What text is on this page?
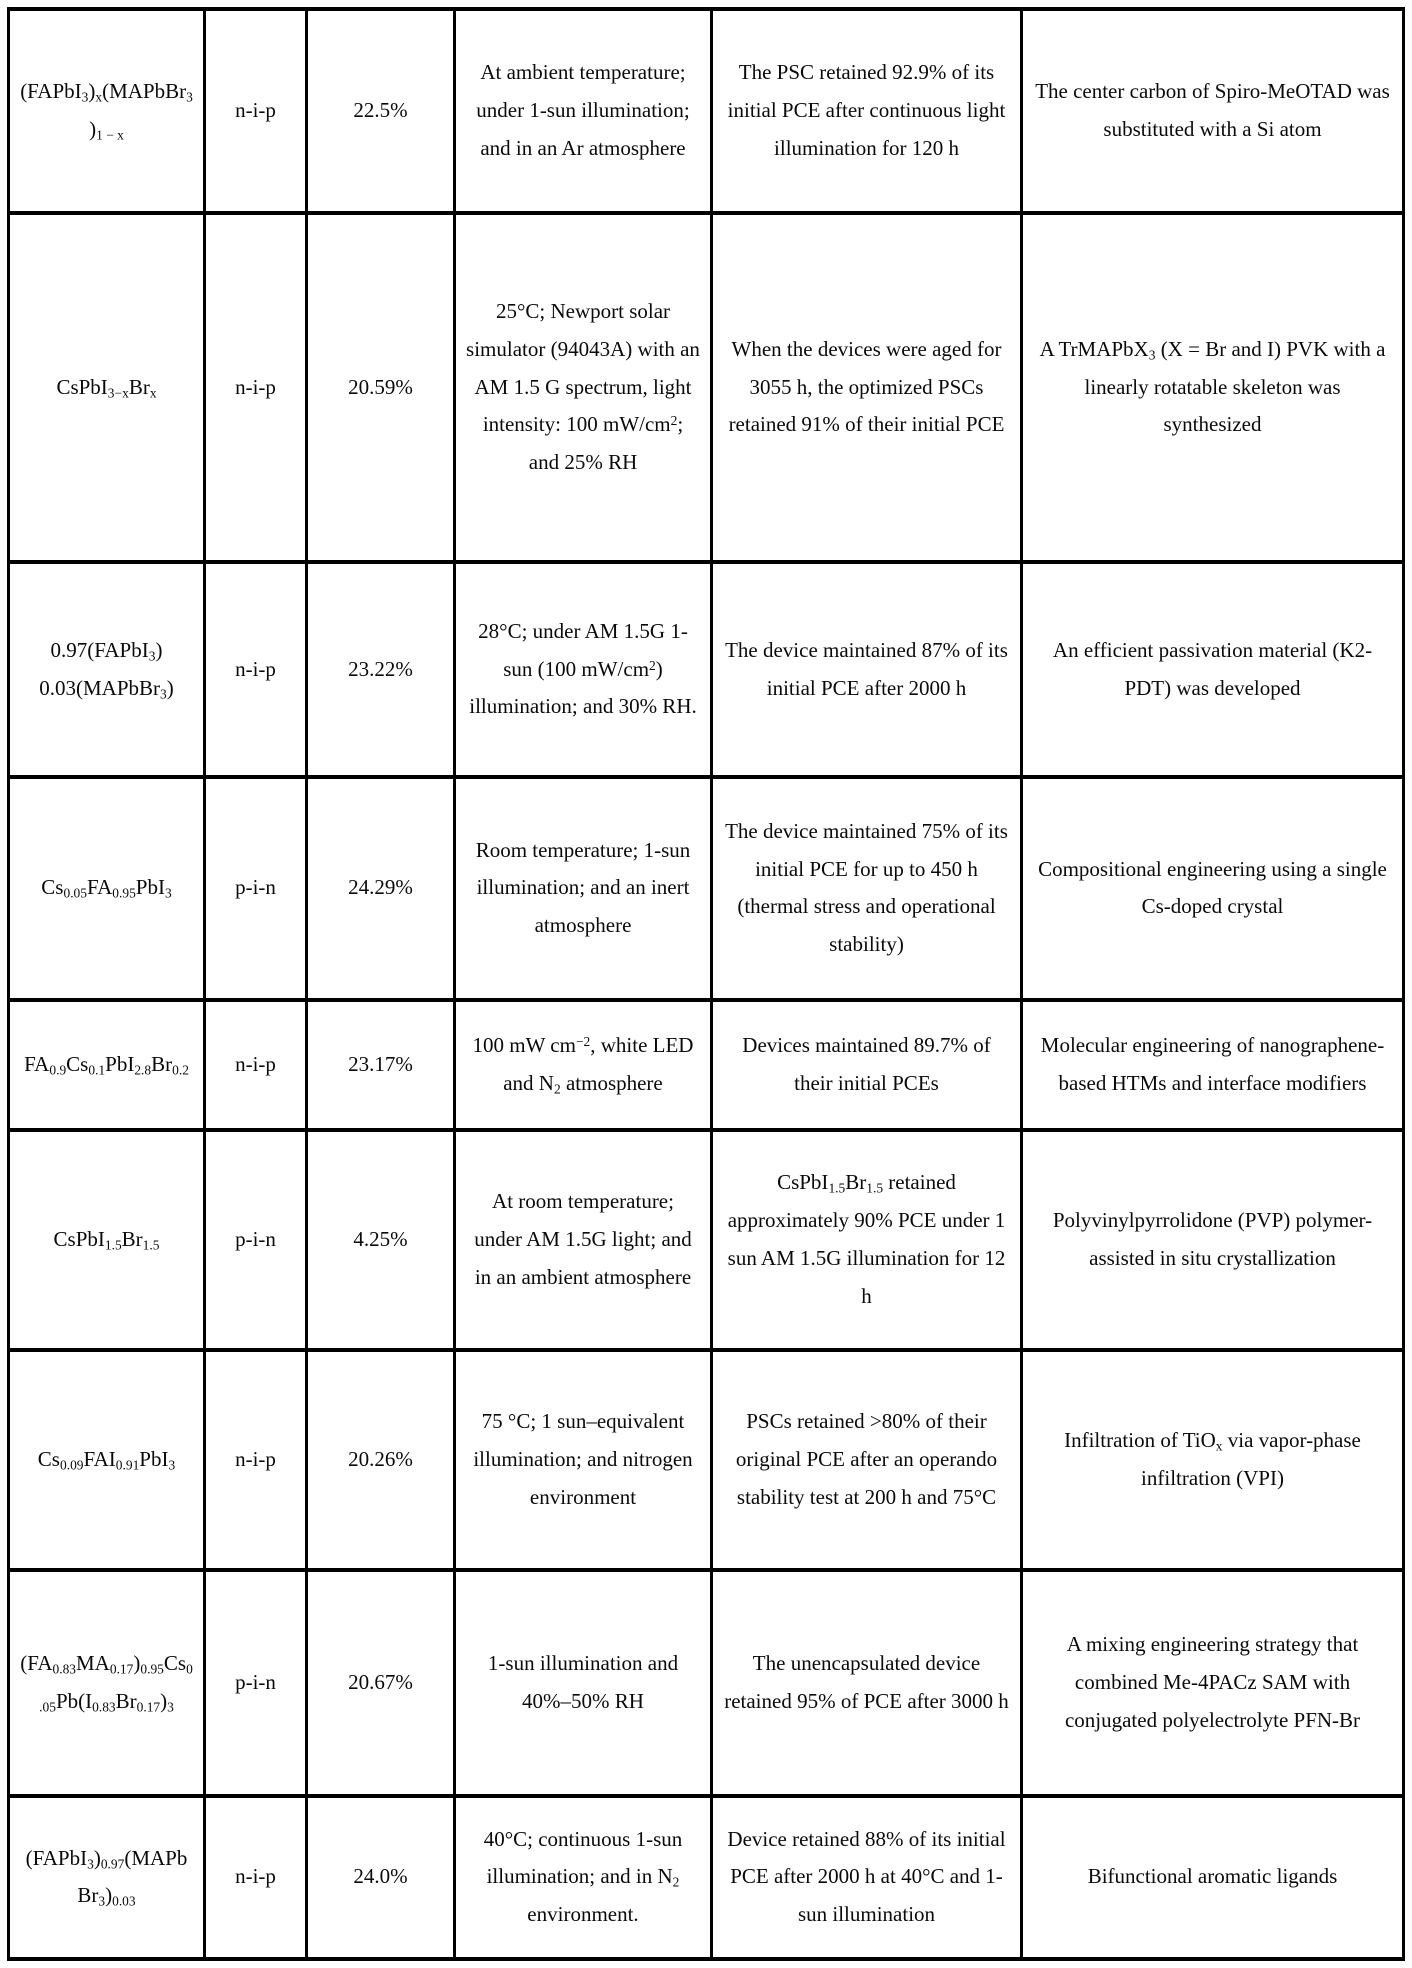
$(FAPbI_3)_x(MAPbBr_3)_{1 - x}$	n-i-p	22.5%	At ambient temperature; under 1-sun illumination; and in an Ar atmosphere	The PSC retained 92.9% of its initial PCE after continuous light illumination for 120 h	The center carbon of Spiro-MeOTAD was substituted with a Si atom
$CsPbI_{3-x}Br_x$	n-i-p	20.59%	25°C; Newport solar simulator (94043A) with an AM 1.5 G spectrum, light intensity: 100 $mW/cm^2$; and 25% RH	When the devices were aged for 3055 h, the optimized PSCs retained 91% of their initial PCE	A TrMAPbX$_3$ (X = Br and I) PVK with a linearly rotatable skeleton was synthesized
0.97(FAPbI$_3$) 0.03(MAPbBr$_3$)	n-i-p	23.22%	28°C; under AM 1.5G 1-sun (100 $mW/cm^2$) illumination; and 30% RH.	The device maintained 87% of its initial PCE after 2000 h	An efficient passivation material (K2-PDT) was developed
$Cs_{0.05}FA_{0.95}PbI_3$	p-i-n	24.29%	Room temperature; 1-sun illumination; and an inert atmosphere	The device maintained 75% of its initial PCE for up to 450 h (thermal stress and operational stability)	Compositional engineering using a single Cs-doped crystal
$FA_{0.9}Cs_{0.1}PbI_{2.8}Br_{0.2}$	n-i-p	23.17%	100 mW $cm^{-2}$, white LED and $N_2$ atmosphere	Devices maintained 89.7% of their initial PCEs	Molecular engineering of nanographene-based HTMs and interface modifiers
$CsPbI_{1.5}Br_{1.5}$	p-i-n	4.25%	At room temperature; under AM 1.5G light; and in an ambient atmosphere	$CsPbI_{1.5}Br_{1.5}$ retained approximately 90% PCE under 1 sun AM 1.5G illumination for 12 h	Polyvinylpyrrolidone (PVP) polymer-assisted in situ crystallization
$Cs_{0.09}FAI_{0.91}PbI_3$	n-i-p	20.26%	75 °C; 1 sun–equivalent illumination; and nitrogen environment	PSCs retained >80% of their original PCE after an operando stability test at 200 h and 75°C	Infiltration of TiO$_x$ via vapor-phase infiltration (VPI)
$(FA_{0.83}MA_{0.17})_{0.95}Cs_{0.05}Pb(I_{0.83}Br_{0.17})_3$	p-i-n	20.67%	1-sun illumination and 40%–50% RH	The unencapsulated device retained 95% of PCE after 3000 h	A mixing engineering strategy that combined Me-4PACz SAM with conjugated polyelectrolyte PFN-Br
$(FAPbI_3)_{0.97}(MAPbBr_3)_{0.03}$	n-i-p	24.0%	40°C; continuous 1-sun illumination; and in $N_2$ environment.	Device retained 88% of its initial PCE after 2000 h at 40°C and 1-sun illumination	Bifunctional aromatic ligands
